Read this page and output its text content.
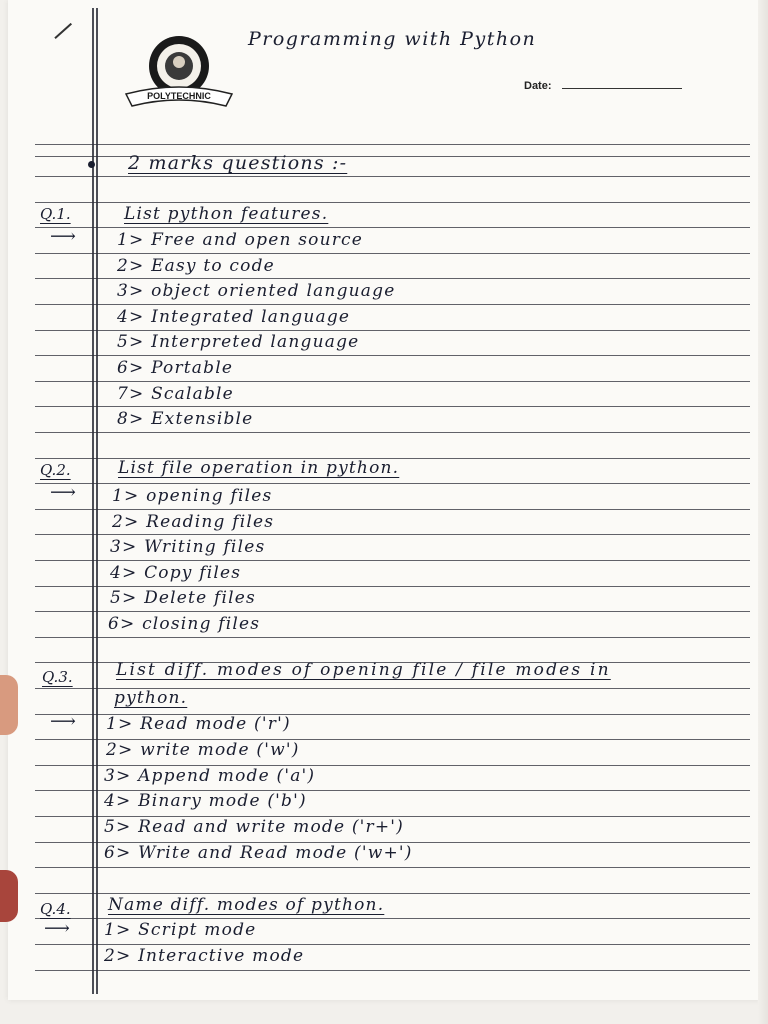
POLYTECHNIC
Programming with Python
Date:
2 marks questions :-
Q.1.	List python features.
⟶ 1> Free and open source
2> Easy to code
3> object oriented language
4> Integrated language
5> Interpreted language
6> Portable
7> Scalable
8> Extensible
Q.2.	List file operation in python.
⟶ 1> opening files
2> Reading files
3> Writing files
4> Copy files
5> Delete files
6> closing files
Q.3.	List diff. modes of opening file / file modes in
python.
⟶ 1> Read mode ('r')
2> write mode ('w')
3> Append mode ('a')
4> Binary mode ('b')
5> Read and write mode ('r+')
6> Write and Read mode ('w+')
Q.4. Name diff. modes of python.
⟶ 1> Script mode
2> Interactive mode
